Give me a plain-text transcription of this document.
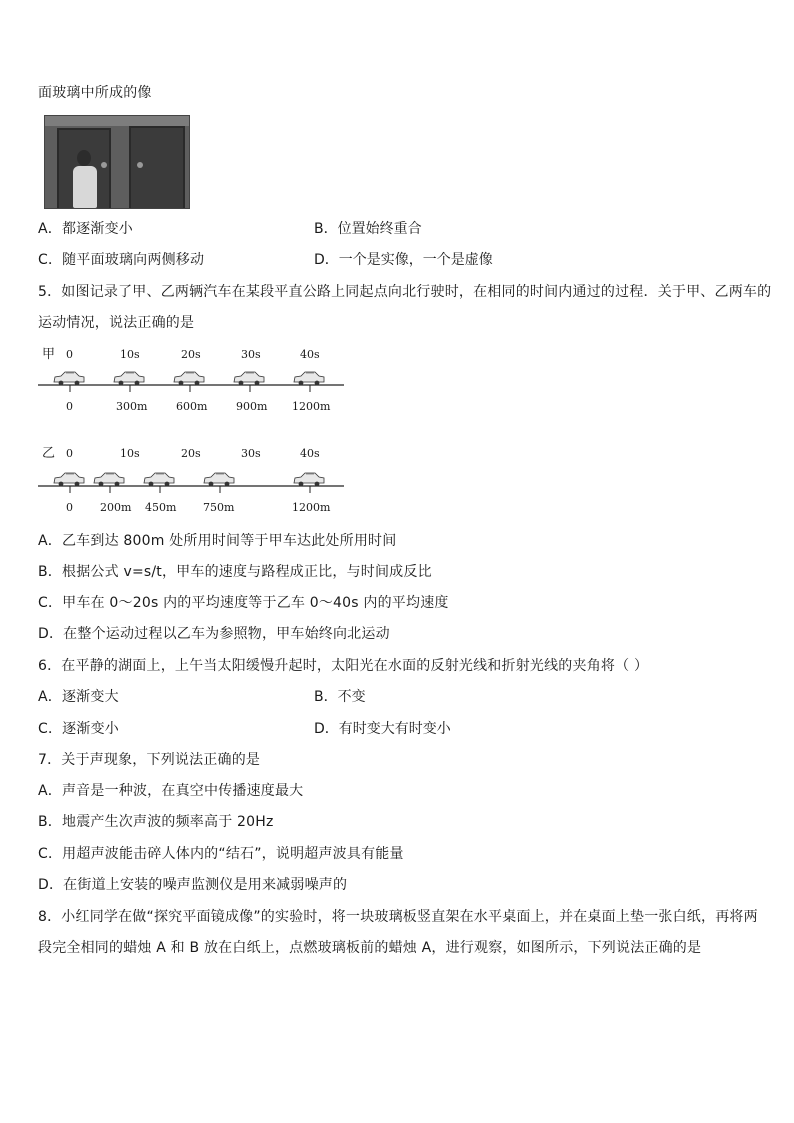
面玻璃中所成的像
A．都逐渐变小	B．位置始终重合
C．随平面玻璃向两侧移动	D．一个是实像，一个是虚像
5．如图记录了甲、乙两辆汽车在某段平直公路上同起点向北行驶时，在相同的时间内通过的过程．关于甲、乙两车的
运动情况，说法正确的是
甲 0	10s	20s	30s	40s
0	300m	600m	900m 1200m
乙 0	10s	20s	30s	40s
0 200m 450m 750m	1200m
A．乙车到达 800m 处所用时间等于甲车达此处所用时间
B．根据公式 v=s/t，甲车的速度与路程成正比，与时间成反比
C．甲车在 0～20s 内的平均速度等于乙车 0～40s 内的平均速度
D．在整个运动过程以乙车为参照物，甲车始终向北运动
6．在平静的湖面上，上午当太阳缓慢升起时，太阳光在水面的反射光线和折射光线的夹角将（ ）
A．逐渐变大	B．不变
C．逐渐变小	D．有时变大有时变小
7．关于声现象，下列说法正确的是
A．声音是一种波，在真空中传播速度最大
B．地震产生次声波的频率高于 20Hz
C．用超声波能击碎人体内的“结石”，说明超声波具有能量
D．在街道上安装的噪声监测仪是用来减弱噪声的
8．小红同学在做“探究平面镜成像”的实验时，将一块玻璃板竖直架在水平桌面上，并在桌面上垫一张白纸，再将两
段完全相同的蜡烛 A 和 B 放在白纸上，点燃玻璃板前的蜡烛 A，进行观察，如图所示，下列说法正确的是
